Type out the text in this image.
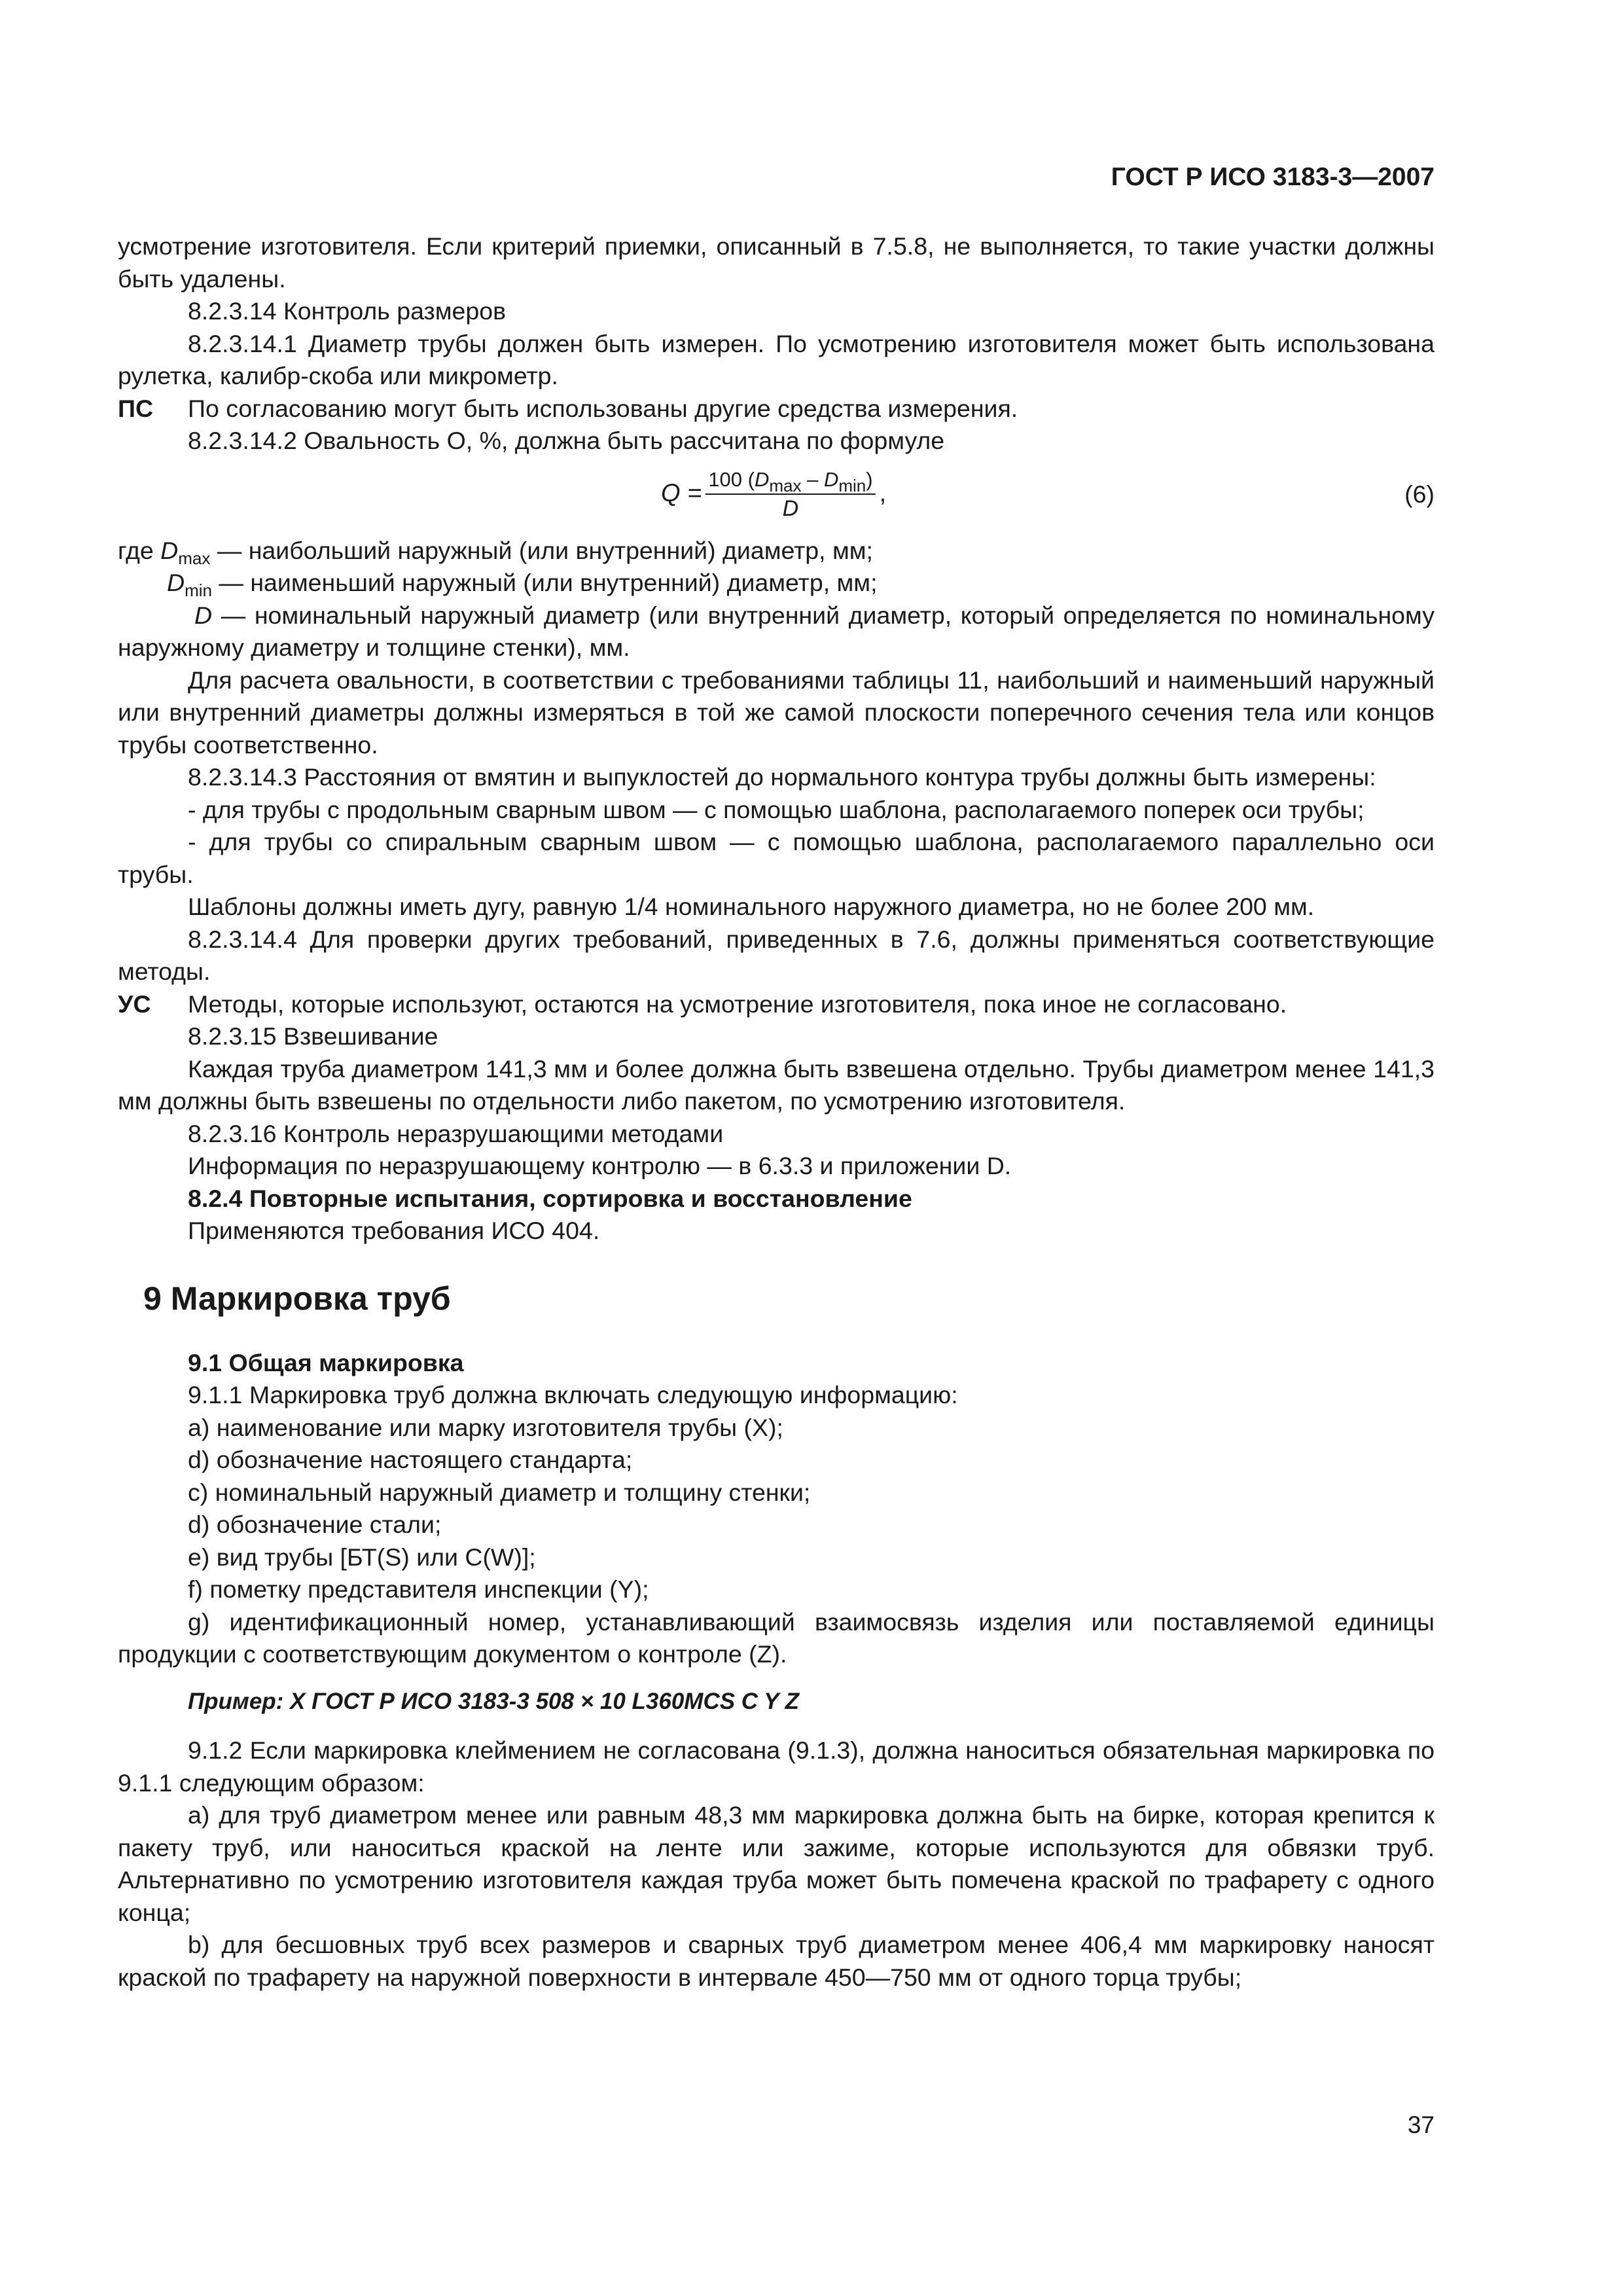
ГОСТ Р ИСО 3183-3—2007

усмотрение изготовителя. Если критерий приемки, описанный в 7.5.8, не выполняется, то такие участки должны быть удалены.

8.2.3.14 Контроль размеров

8.2.3.14.1 Диаметр трубы должен быть измерен. По усмотрению изготовителя может быть использована рулетка, калибр-скоба или микрометр.

ПС По согласованию могут быть использованы другие средства измерения.

8.2.3.14.2 Овальность О, %, должна быть рассчитана по формуле

$Q = \frac{100 (D_{max} - D_{min})}{D}$ ,	(6)

где $D_{max}$ — наибольший наружный (или внутренний) диаметр, мм;

$D_{min}$ — наименьший наружный (или внутренний) диаметр, мм;

D — номинальный наружный диаметр (или внутренний диаметр, который определяется по номинальному наружному диаметру и толщине стенки), мм.

Для расчета овальности, в соответствии с требованиями таблицы 11, наибольший и наименьший наружный или внутренний диаметры должны измеряться в той же самой плоскости поперечного сечения тела или концов трубы соответственно.

8.2.3.14.3 Расстояния от вмятин и выпуклостей до нормального контура трубы должны быть измерены:

- для трубы с продольным сварным швом — с помощью шаблона, располагаемого поперек оси трубы;

- для трубы со спиральным сварным швом — с помощью шаблона, располагаемого параллельно оси трубы.

Шаблоны должны иметь дугу, равную 1/4 номинального наружного диаметра, но не более 200 мм.

8.2.3.14.4 Для проверки других требований, приведенных в 7.6, должны применяться соответствующие методы.

УС Методы, которые используют, остаются на усмотрение изготовителя, пока иное не согласовано.

8.2.3.15 Взвешивание

Каждая труба диаметром 141,3 мм и более должна быть взвешена отдельно. Трубы диаметром менее 141,3 мм должны быть взвешены по отдельности либо пакетом, по усмотрению изготовителя.

8.2.3.16 Контроль неразрушающими методами

Информация по неразрушающему контролю — в 6.3.3 и приложении D.

8.2.4 Повторные испытания, сортировка и восстановление

Применяются требования ИСО 404.

9 Маркировка труб

9.1 Общая маркировка

9.1.1 Маркировка труб должна включать следующую информацию:

a) наименование или марку изготовителя трубы (X);

d) обозначение настоящего стандарта;

c) номинальный наружный диаметр и толщину стенки;

d) обозначение стали;

e) вид трубы [БТ(S) или С(W)];

f) пометку представителя инспекции (Y);

g) идентификационный номер, устанавливающий взаимосвязь изделия или поставляемой единицы продукции с соответствующим документом о контроле (Z).

Пример: X ГОСТ Р ИСО 3183-3 508 × 10 L360MCS C Y Z

9.1.2 Если маркировка клеймением не согласована (9.1.3), должна наноситься обязательная маркировка по 9.1.1 следующим образом:

a) для труб диаметром менее или равным 48,3 мм маркировка должна быть на бирке, которая крепится к пакету труб, или наноситься краской на ленте или зажиме, которые используются для обвязки труб. Альтернативно по усмотрению изготовителя каждая труба может быть помечена краской по трафарету с одного конца;

b) для бесшовных труб всех размеров и сварных труб диаметром менее 406,4 мм маркировку наносят краской по трафарету на наружной поверхности в интервале 450—750 мм от одного торца трубы;

37
